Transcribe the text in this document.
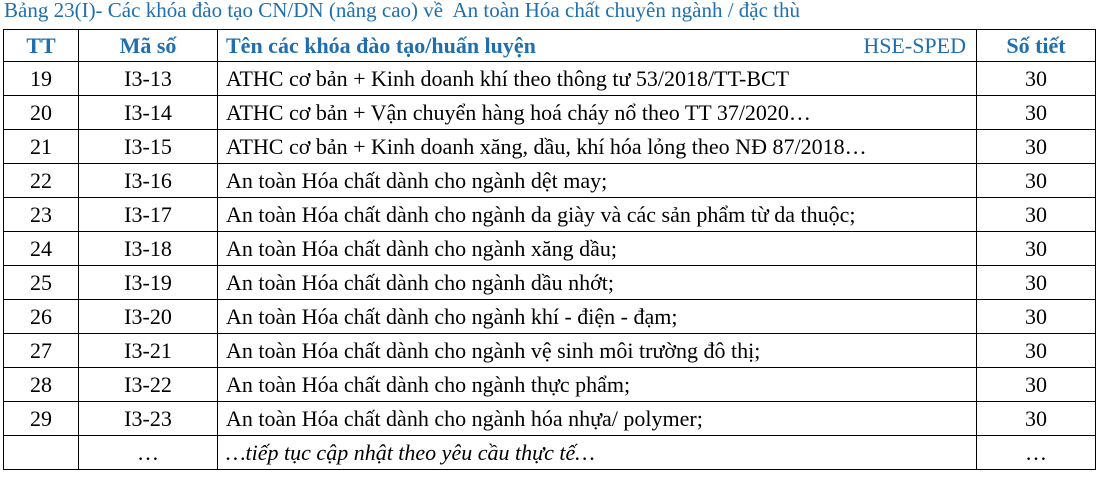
Bảng 23(I)- Các khóa đào tạo CN/DN (nâng cao) về  An toàn Hóa chất chuyên ngành / đặc thù
TT	Mã số	Tên các khóa đào tạo/huấn luyện HSE-SPED	Số tiết
19	I3-13	ATHC cơ bản + Kinh doanh khí theo thông tư 53/2018/TT-BCT	30
20	I3-14	ATHC cơ bản + Vận chuyển hàng hoá cháy nổ theo TT 37/2020…	30
21	I3-15	ATHC cơ bản + Kinh doanh xăng, dầu, khí hóa lỏng theo NĐ 87/2018…	30
22	I3-16	An toàn Hóa chất dành cho ngành dệt may;	30
23	I3-17	An toàn Hóa chất dành cho ngành da giày và các sản phẩm từ da thuộc;	30
24	I3-18	An toàn Hóa chất dành cho ngành xăng dầu;	30
25	I3-19	An toàn Hóa chất dành cho ngành dầu nhớt;	30
26	I3-20	An toàn Hóa chất dành cho ngành khí - điện - đạm;	30
27	I3-21	An toàn Hóa chất dành cho ngành vệ sinh môi trường đô thị;	30
28	I3-22	An toàn Hóa chất dành cho ngành thực phẩm;	30
29	I3-23	An toàn Hóa chất dành cho ngành hóa nhựa/ polymer;	30
	…	…tiếp tục cập nhật theo yêu cầu thực tế…	…
